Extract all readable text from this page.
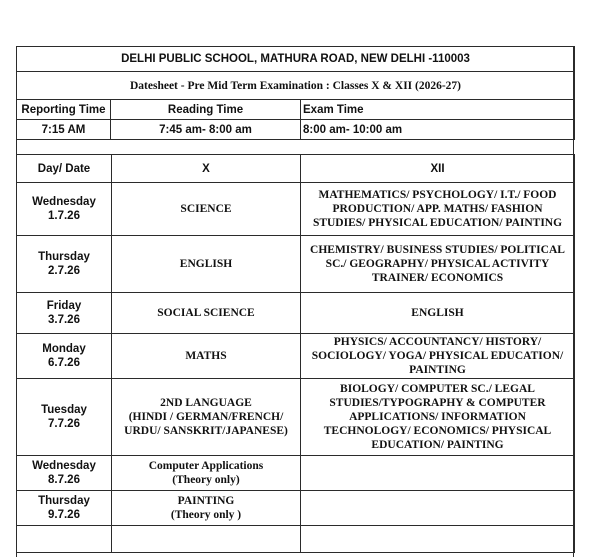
DELHI PUBLIC SCHOOL, MATHURA ROAD, NEW DELHI -110003		
Datesheet - Pre Mid Term Examination : Classes X & XII (2026-27)		
Reporting Time	Reading Time	Exam Time
7:15 AM	7:45 am- 8:00 am	8:00 am- 10:00 am
Day/ Date	X	XII

Wednesday
1.7.26	SCIENCE	MATHEMATICS/ PSYCHOLOGY/ I.T./ FOOD
PRODUCTION/ APP. MATHS/ FASHION
STUDIES/ PHYSICAL EDUCATION/ PAINTING

Thursday
2.7.26	ENGLISH	CHEMISTRY/ BUSINESS STUDIES/ POLITICAL
SC./ GEOGRAPHY/ PHYSICAL ACTIVITY
TRAINER/ ECONOMICS

Friday
3.7.26	SOCIAL SCIENCE	ENGLISH

Monday
6.7.26	MATHS	PHYSICS/ ACCOUNTANCY/ HISTORY/
SOCIOLOGY/ YOGA/ PHYSICAL EDUCATION/
PAINTING

Tuesday
7.7.26	2ND LANGUAGE
(HINDI / GERMAN/FRENCH/
URDU/ SANSKRIT/JAPANESE)	BIOLOGY/ COMPUTER SC./ LEGAL
STUDIES/TYPOGRAPHY & COMPUTER
APPLICATIONS/ INFORMATION
TECHNOLOGY/ ECONOMICS/ PHYSICAL
EDUCATION/ PAINTING

Wednesday
8.7.26	Computer Applications
(Theory only)	

Thursday
9.7.26	PAINTING
(Theory only )	
